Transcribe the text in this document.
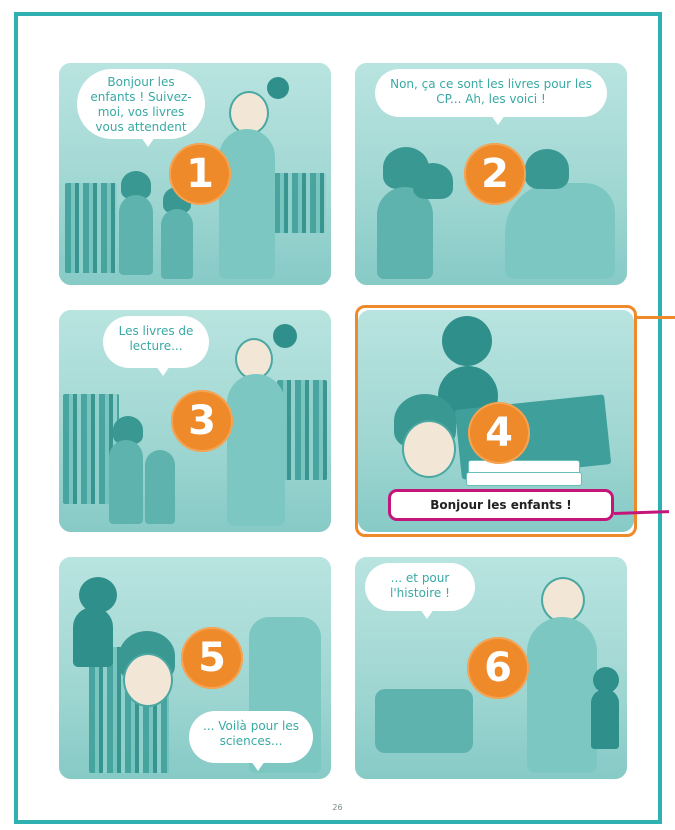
Bonjour les enfants ! Suivez-moi, vos livres vous attendent
1
Non, ça ce sont les livres pour les CP... Ah, les voici !
2
Les livres de lecture...
3	4
Bonjour les enfants !
... Voilà pour les sciences...
5
... et pour l'histoire !
6
26
